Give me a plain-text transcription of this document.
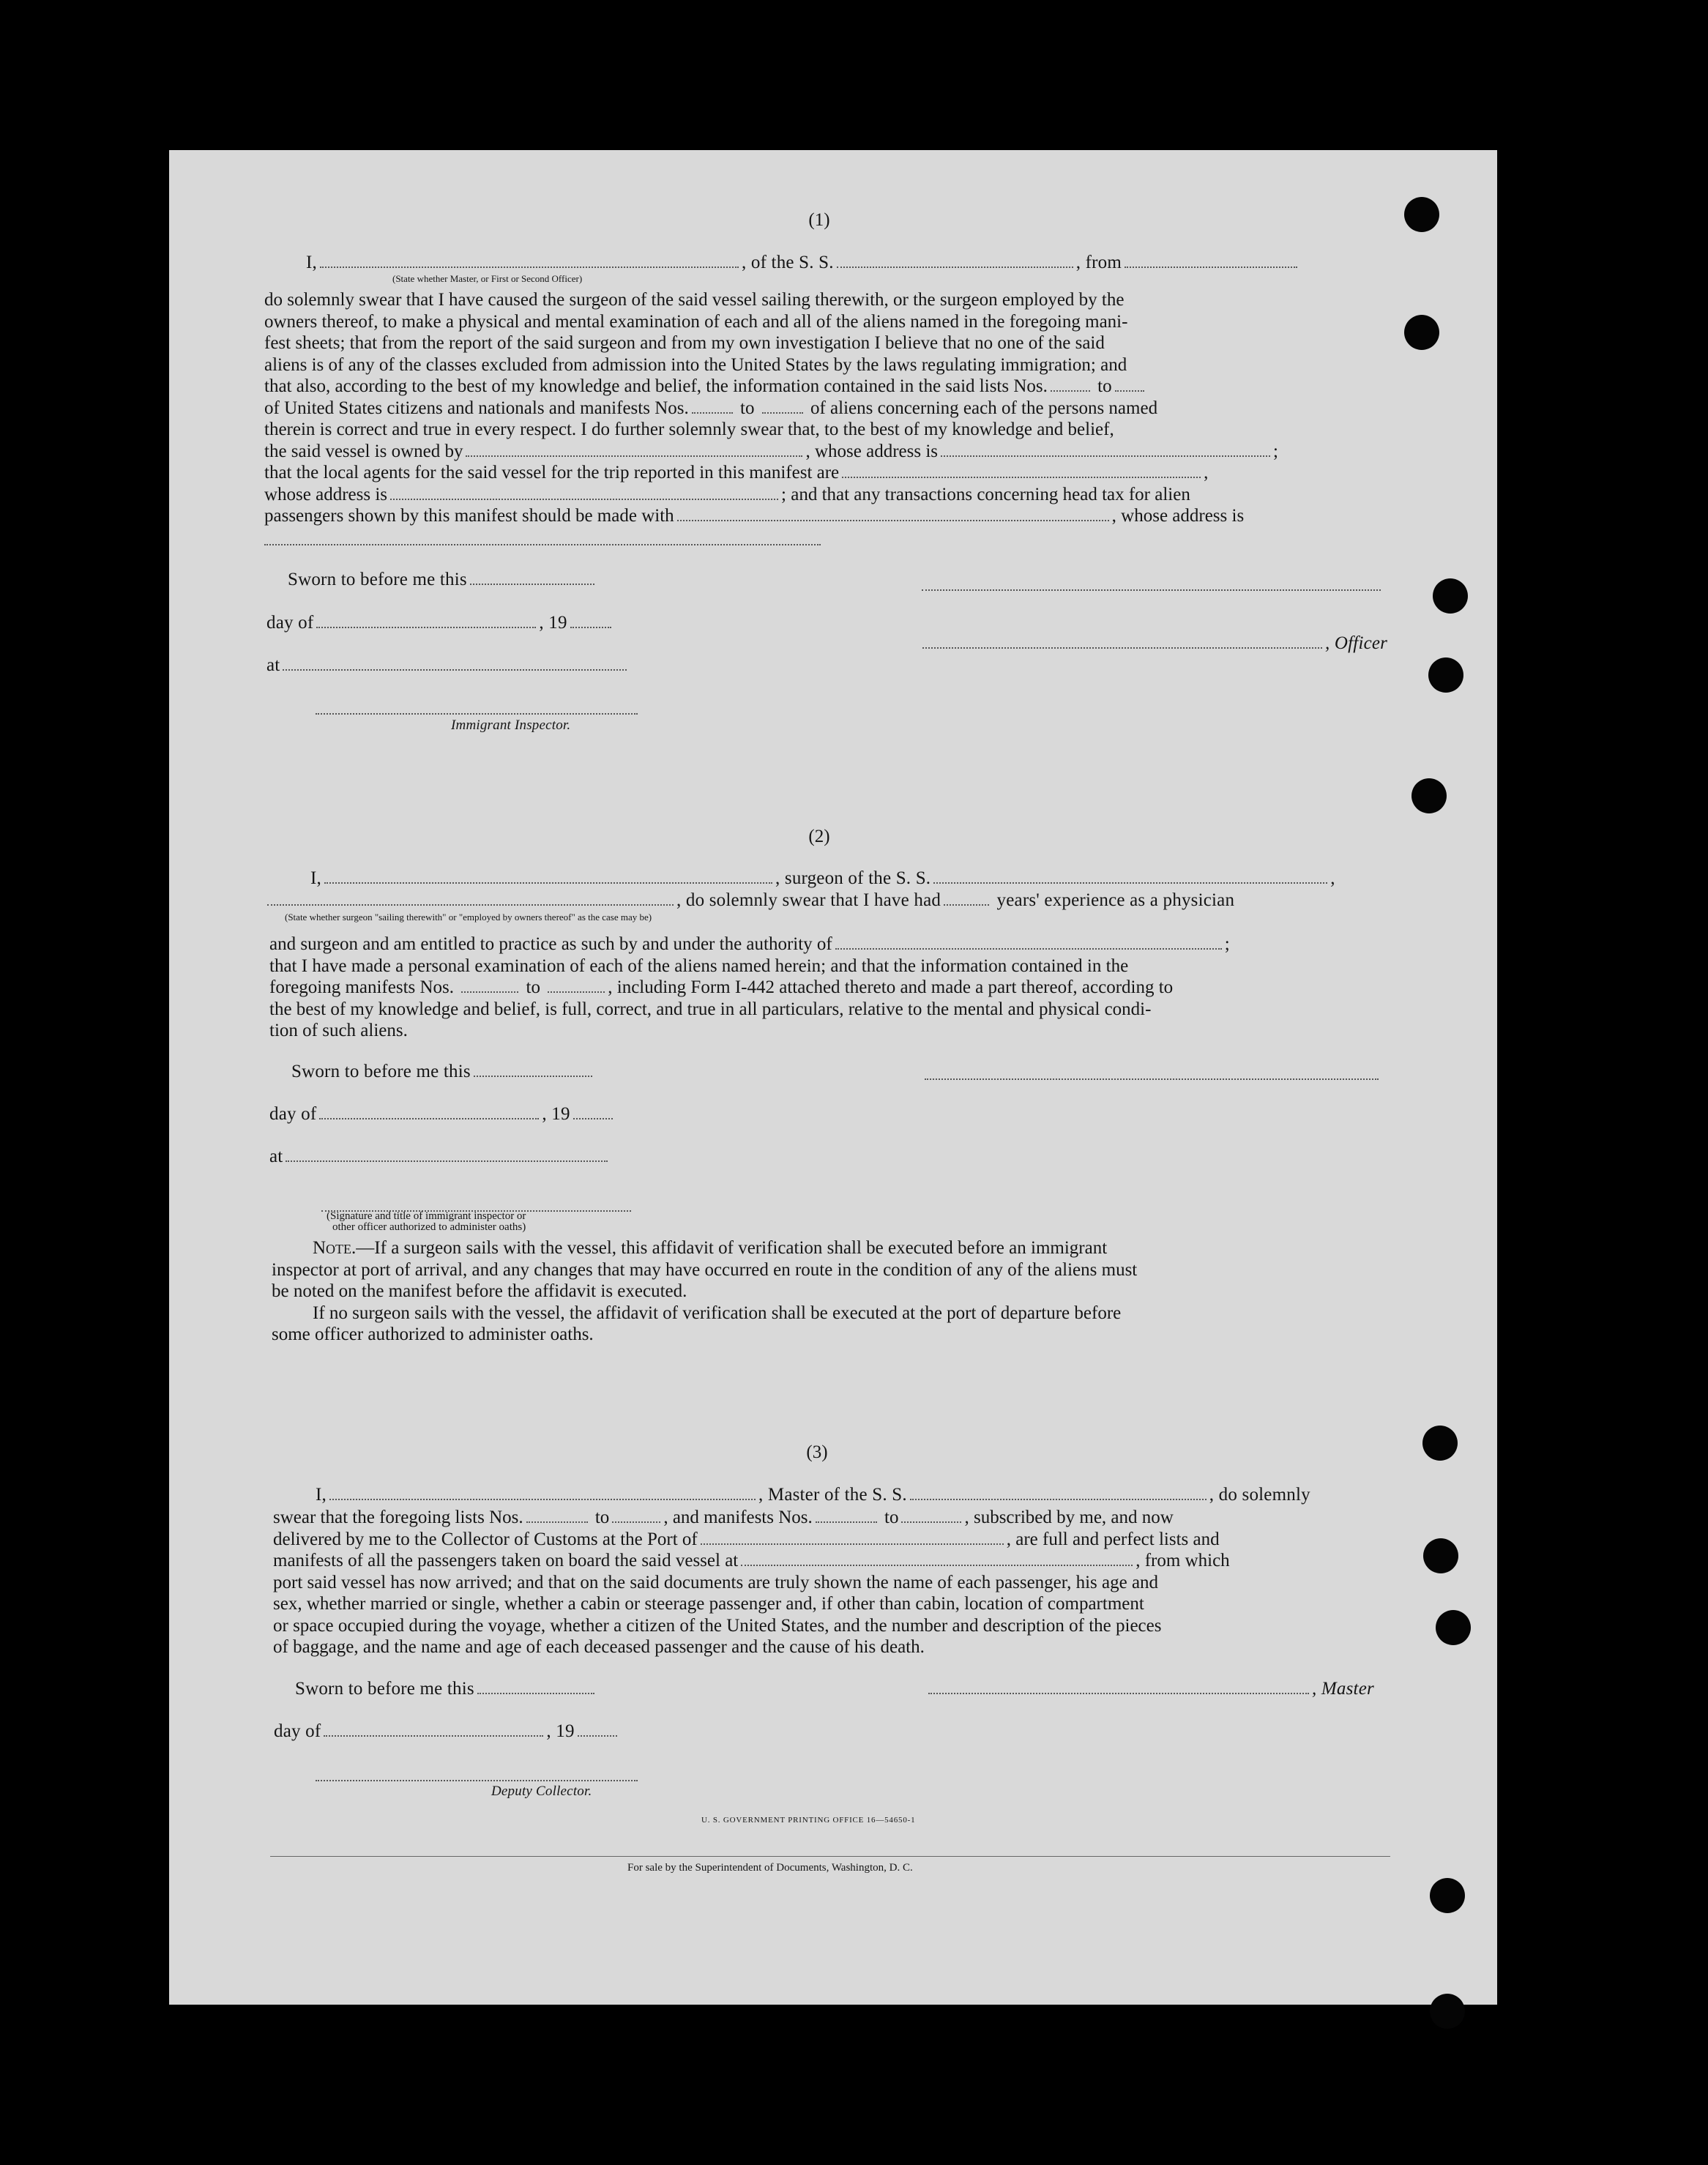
(1)
I,	, of the S. S.	, from
(State whether Master, or First or Second Officer)

do solemnly swear that I have caused the surgeon of the said vessel sailing therewith, or the surgeon employed by the

owners thereof, to make a physical and mental examination of each and all of the aliens named in the foregoing mani-

fest sheets; that from the report of the said surgeon and from my own investigation I believe that no one of the said

aliens is of any of the classes excluded from admission into the United States by the laws regulating immigration; and

that also, according to the best of my knowledge and belief, the information contained in the said lists Nos.	to

of United States citizens and nationals and manifests Nos.	to	of aliens concerning each of the persons named

therein is correct and true in every respect. I do further solemnly swear that, to the best of my knowledge and belief,

the said vessel is owned by	, whose address is	;

that the local agents for the said vessel for the trip reported in this manifest are	,

whose address is	; and that any transactions concerning head tax for alien

passengers shown by this manifest should be made with	, whose address is

Sworn to before me this
day of	, 19
, Officer
at
Immigrant Inspector.
(2)
I,	, surgeon of the S. S.	,
, do solemnly swear that I have had	years' experience as a physician
(State whether surgeon "sailing therewith" or "employed by owners thereof" as the case may be)

and surgeon and am entitled to practice as such by and under the authority of	;

that I have made a personal examination of each of the aliens named herein; and that the information contained in the

foregoing manifests Nos.	to	, including Form I-442 attached thereto and made a part thereof, according to

the best of my knowledge and belief, is full, correct, and true in all particulars, relative to the mental and physical condi-

tion of such aliens.

Sworn to before me this
day of	, 19
at
(Signature and title of immigrant inspector or
other officer authorized to administer oaths)

Note.—If a surgeon sails with the vessel, this affidavit of verification shall be executed before an immigrant

inspector at port of arrival, and any changes that may have occurred en route in the condition of any of the aliens must

be noted on the manifest before the affidavit is executed.

If no surgeon sails with the vessel, the affidavit of verification shall be executed at the port of departure before

some officer authorized to administer oaths.

(3)
I,	, Master of the S. S.	, do solemnly

swear that the foregoing lists Nos.	to	, and manifests Nos.	to	, subscribed by me, and now

delivered by me to the Collector of Customs at the Port of	, are full and perfect lists and

manifests of all the passengers taken on board the said vessel at	, from which

port said vessel has now arrived; and that on the said documents are truly shown the name of each passenger, his age and

sex, whether married or single, whether a cabin or steerage passenger and, if other than cabin, location of compartment

or space occupied during the voyage, whether a citizen of the United States, and the number and description of the pieces

of baggage, and the name and age of each deceased passenger and the cause of his death.

Sworn to before me this	, Master
day of	, 19
Deputy Collector.
U. S. GOVERNMENT PRINTING OFFICE 16—54650-1
For sale by the Superintendent of Documents, Washington, D. C.
